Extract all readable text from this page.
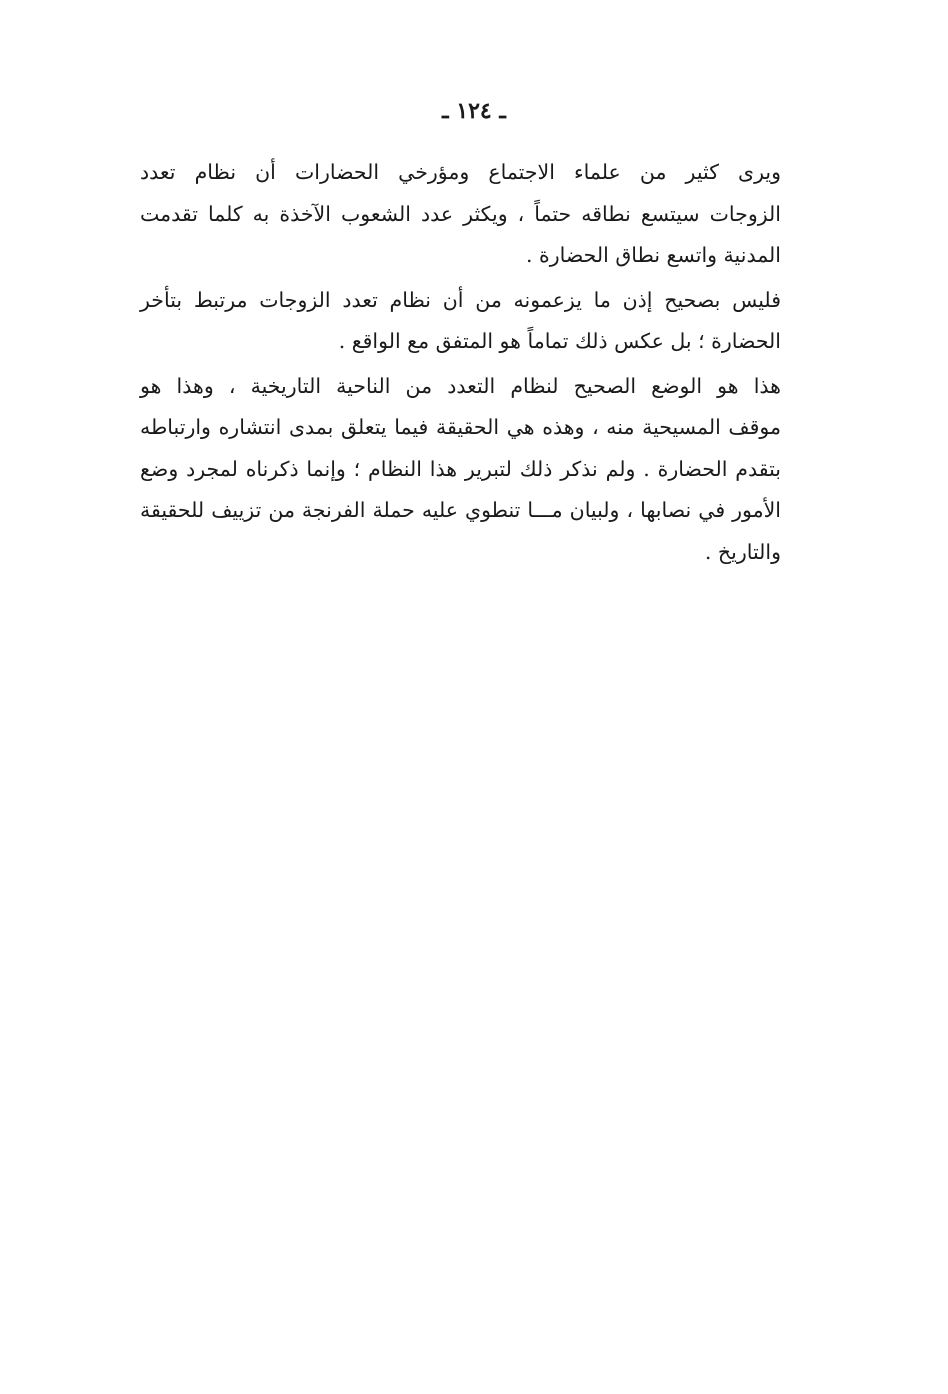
ـ ١٢٤ ـ

ويرى كثير من علماء الاجتماع ومؤرخي الحضارات أن نظام تعدد
الزوجات سيتسع نطاقه حتماً ، ويكثر عدد الشعوب الآخذة به كلما تقدمت
المدنية واتسع نطاق الحضارة .

فليس بصحيح إذن ما يزعمونه من أن نظام تعدد الزوجات مرتبط بتأخر
الحضارة ؛ بل عكس ذلك تماماً هو المتفق مع الواقع .

هذا هو الوضع الصحيح لنظام التعدد من الناحية التاريخية ، وهذا هو
موقف المسيحية منه ، وهذه هي الحقيقة فيما يتعلق بمدى انتشاره وارتباطه
بتقدم الحضارة . ولم نذكر ذلك لتبرير هذا النظام ؛ وإنما ذكرناه لمجرد وضع
الأمور في نصابها ، ولبيان مـــا تنطوي عليه حملة الفرنجة من تزييف للحقيقة
والتاريخ .
